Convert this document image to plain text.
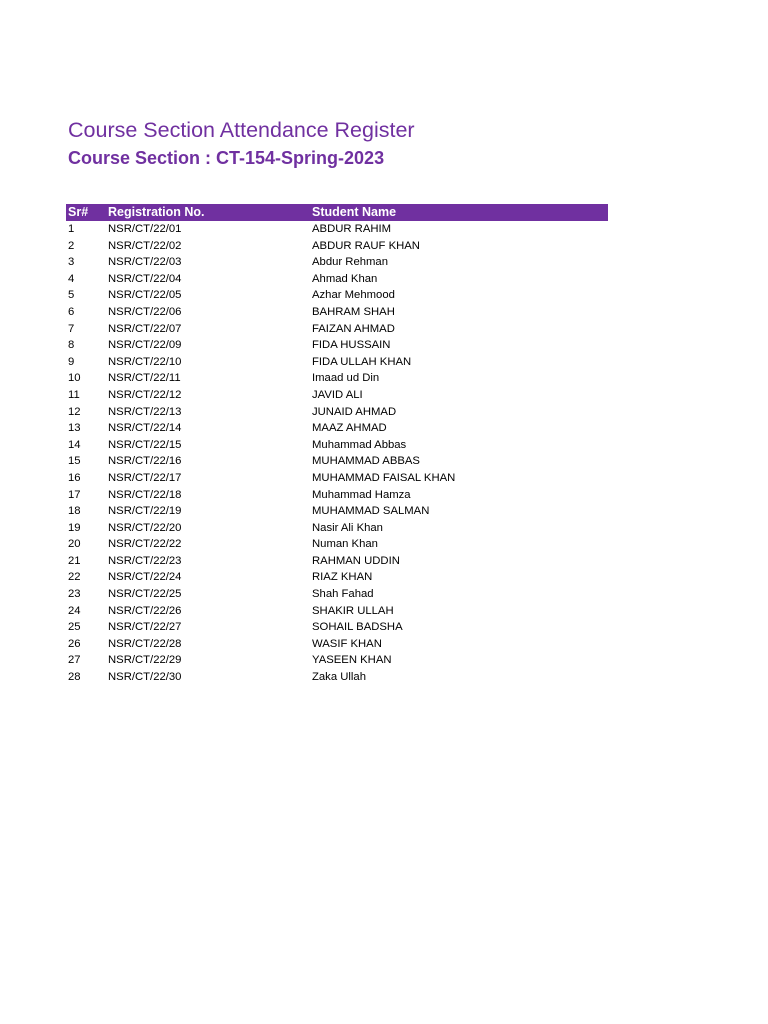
Course Section Attendance Register
Course Section : CT-154-Spring-2023
Sr# Registration No.	Student Name
1	NSR/CT/22/01	ABDUR RAHIM
2	NSR/CT/22/02	ABDUR RAUF KHAN
3	NSR/CT/22/03	Abdur Rehman
4	NSR/CT/22/04	Ahmad Khan
5	NSR/CT/22/05	Azhar Mehmood
6	NSR/CT/22/06	BAHRAM SHAH
7	NSR/CT/22/07	FAIZAN AHMAD
8	NSR/CT/22/09	FIDA HUSSAIN
9	NSR/CT/22/10	FIDA ULLAH KHAN
10 NSR/CT/22/11	Imaad ud Din
11	NSR/CT/22/12	JAVID ALI
12 NSR/CT/22/13	JUNAID AHMAD
13 NSR/CT/22/14	MAAZ AHMAD
14 NSR/CT/22/15	Muhammad Abbas
15 NSR/CT/22/16	MUHAMMAD ABBAS
16 NSR/CT/22/17	MUHAMMAD FAISAL KHAN
17 NSR/CT/22/18	Muhammad Hamza
18 NSR/CT/22/19	MUHAMMAD SALMAN
19 NSR/CT/22/20	Nasir Ali Khan
20 NSR/CT/22/22	Numan Khan
21 NSR/CT/22/23	RAHMAN UDDIN
22 NSR/CT/22/24	RIAZ KHAN
23 NSR/CT/22/25	Shah Fahad
24 NSR/CT/22/26	SHAKIR ULLAH
25 NSR/CT/22/27	SOHAIL BADSHA
26 NSR/CT/22/28	WASIF KHAN
27 NSR/CT/22/29	YASEEN KHAN
28 NSR/CT/22/30	Zaka Ullah
